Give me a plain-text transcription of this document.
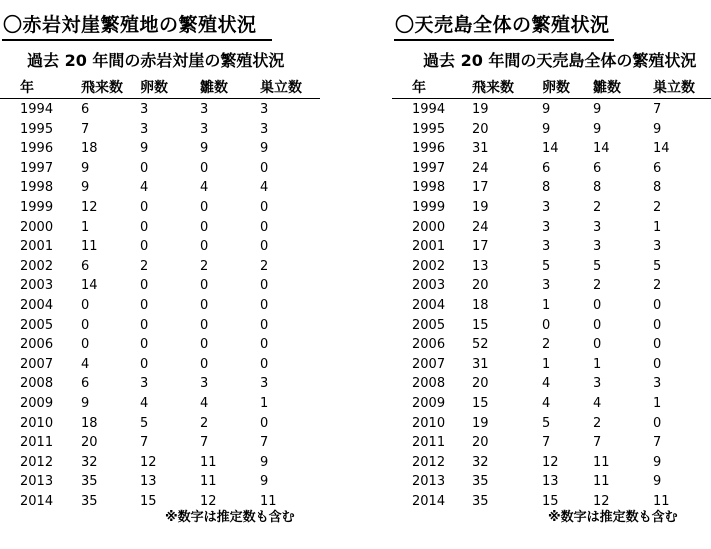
〇赤岩対崖繁殖地の繁殖状況
過去 20 年間の赤岩対崖の繁殖状況
年	飛来数 卵数 雛数 巣立数
1994 6	3	3	3
1995 7	3	3	3
1996 18	9	9	9
1997 9	0	0	0
1998 9	4	4	4
1999 12	0	0	0
2000 1	0	0	0
2001 11	0	0	0
2002 6	2	2	2
2003 14	0	0	0
2004 0	0	0	0
2005 0	0	0	0
2006 0	0	0	0
2007 4	0	0	0
2008 6	3	3	3
2009 9	4	4	1
2010 18	5	2	0
2011 20	7	7	7
2012 32	12	11	9
2013 35	13	11	9
2014 35	15	12	11
※数字は推定数も含む
〇天売島全体の繁殖状況
過去 20 年間の天売島全体の繁殖状況
年	飛来数 卵数 雛数 巣立数
1994 19	9	9	7
1995 20	9	9	9
1996 31	14	14	14
1997 24	6	6	6
1998 17	8	8	8
1999 19	3	2	2
2000 24	3	3	1
2001 17	3	3	3
2002 13	5	5	5
2003 20	3	2	2
2004 18	1	0	0
2005 15	0	0	0
2006 52	2	0	0
2007 31	1	1	0
2008 20	4	3	3
2009 15	4	4	1
2010 19	5	2	0
2011 20	7	7	7
2012 32	12	11	9
2013 35	13	11	9
2014 35	15	12	11
※数字は推定数も含む
